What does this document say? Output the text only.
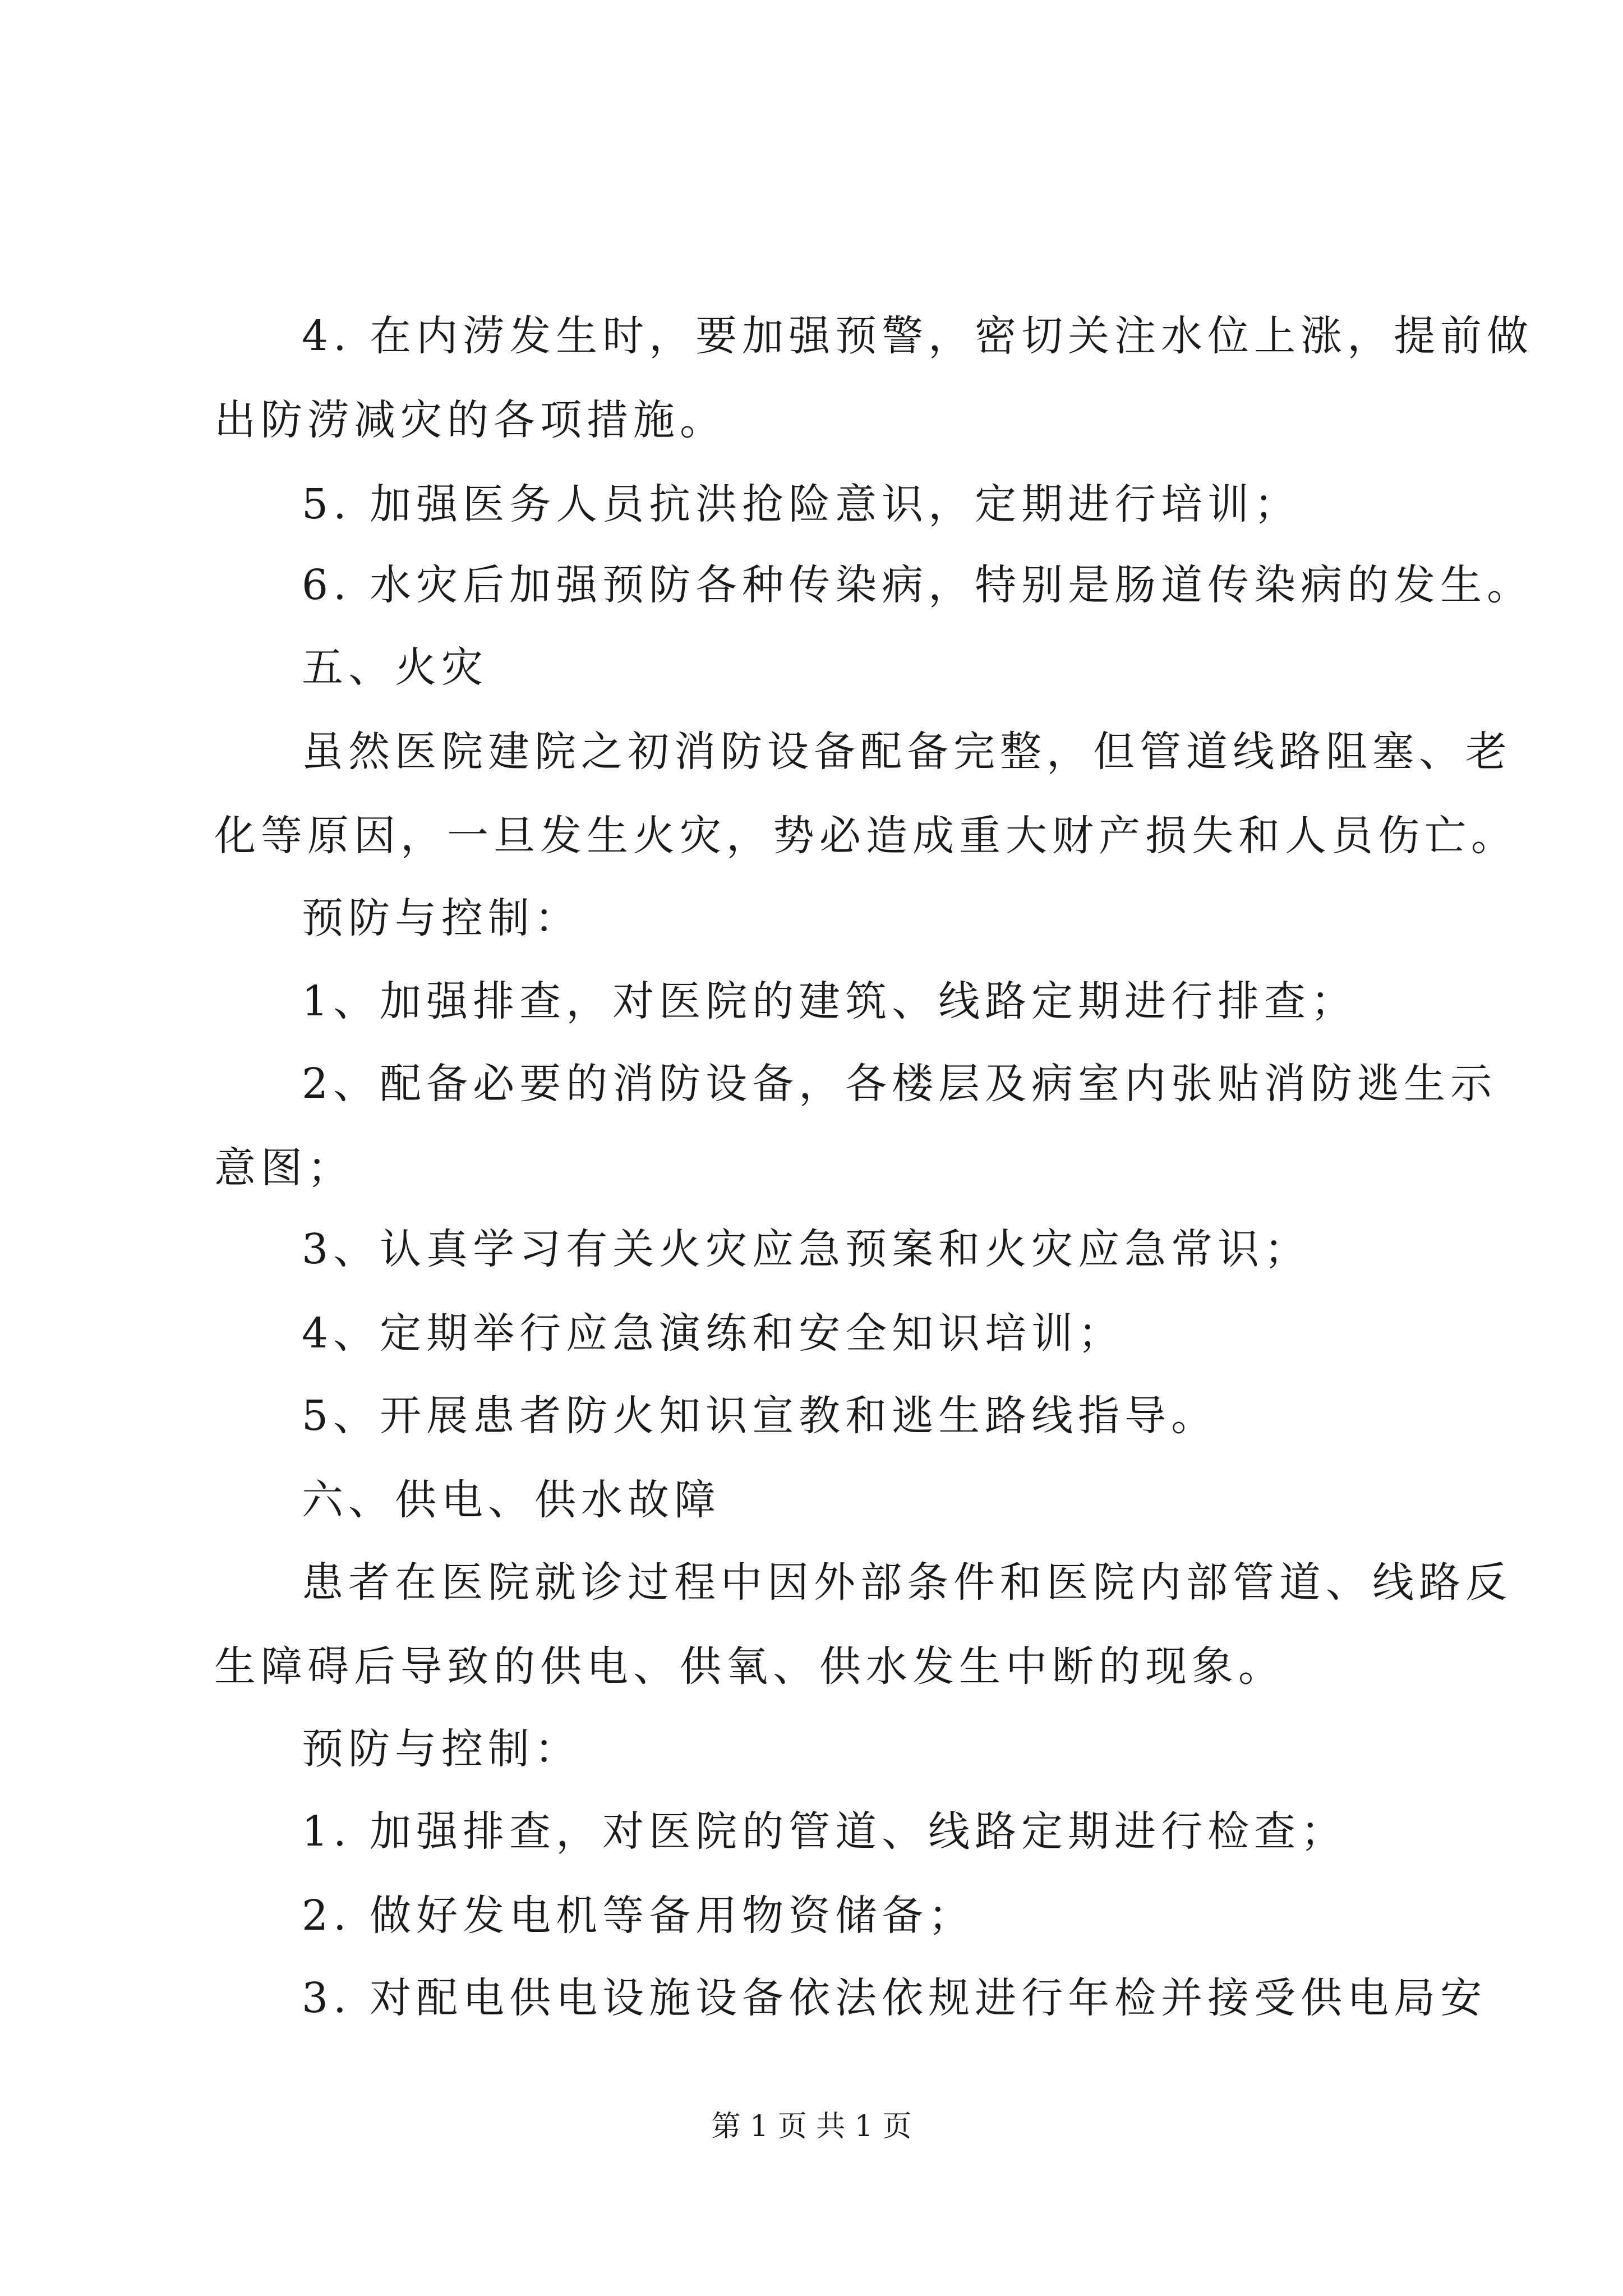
4. 在内涝发生时，要加强预警，密切关注水位上涨，提前做
出防涝减灾的各项措施。
5. 加强医务人员抗洪抢险意识，定期进行培训；
6. 水灾后加强预防各种传染病，特别是肠道传染病的发生。
五、火灾
虽然医院建院之初消防设备配备完整，但管道线路阻塞、老
化等原因，一旦发生火灾，势必造成重大财产损失和人员伤亡。
预防与控制：
1、加强排查，对医院的建筑、线路定期进行排查；
2、配备必要的消防设备，各楼层及病室内张贴消防逃生示
意图；
3、认真学习有关火灾应急预案和火灾应急常识；
4、定期举行应急演练和安全知识培训；
5、开展患者防火知识宣教和逃生路线指导。
六、供电、供水故障
患者在医院就诊过程中因外部条件和医院内部管道、线路反
生障碍后导致的供电、供氧、供水发生中断的现象。
预防与控制：
1. 加强排查，对医院的管道、线路定期进行检查；
2. 做好发电机等备用物资储备；
3. 对配电供电设施设备依法依规进行年检并接受供电局安
第 1 页 共 1 页
